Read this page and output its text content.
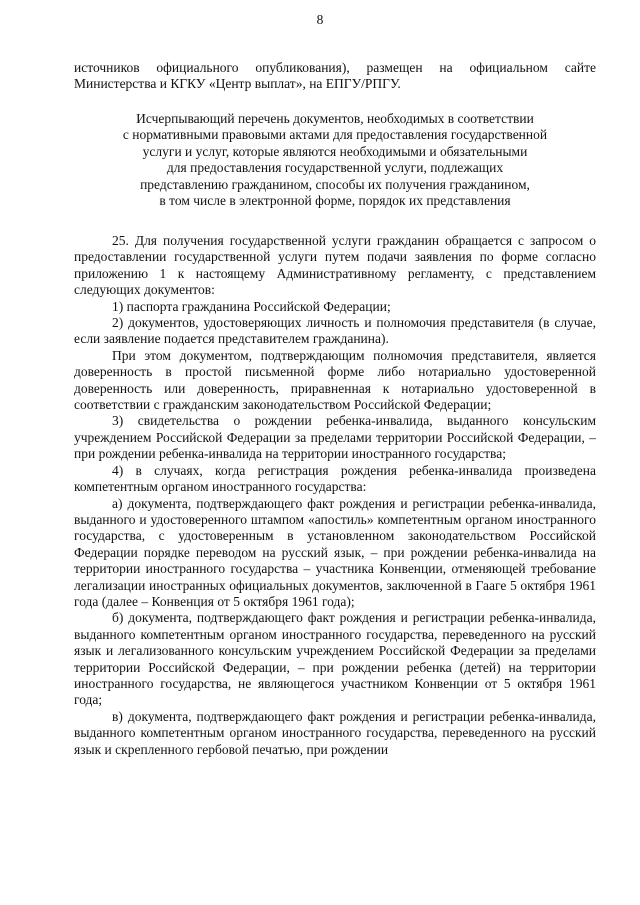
8

источников официального опубликования), размещен на официальном сайте Министерства и КГКУ «Центр выплат», на ЕПГУ/РПГУ.

Исчерпывающий перечень документов, необходимых в соответствии

с нормативными правовыми актами для предоставления государственной

услуги и услуг, которые являются необходимыми и обязательными

для предоставления государственной услуги, подлежащих

представлению гражданином, способы их получения гражданином,

в том числе в электронной форме, порядок их представления

25. Для получения государственной услуги гражданин обращается с запросом о предоставлении государственной услуги путем подачи заявления по форме согласно приложению 1 к настоящему Административному регламенту, с представлением следующих документов:

1) паспорта гражданина Российской Федерации;

2) документов, удостоверяющих личность и полномочия представителя (в случае, если заявление подается представителем гражданина).

При этом документом, подтверждающим полномочия представителя, является доверенность в простой письменной форме либо нотариально удостоверенной доверенность или доверенность, приравненная к нотариально удостоверенной в соответствии с гражданским законодательством Российской Федерации;

3) свидетельства о рождении ребенка-инвалида, выданного консульским учреждением Российской Федерации за пределами территории Российской Федерации, – при рождении ребенка-инвалида на территории иностранного государства;

4) в случаях, когда регистрация рождения ребенка-инвалида произведена компетентным органом иностранного государства:

а) документа, подтверждающего факт рождения и регистрации ребенка-инвалида, выданного и удостоверенного штампом «апостиль» компетентным органом иностранного государства, с удостоверенным в установленном законодательством Российской Федерации порядке переводом на русский язык, – при рождении ребенка-инвалида на территории иностранного государства – участника Конвенции, отменяющей требование легализации иностранных официальных документов, заключенной в Гааге 5 октября 1961 года (далее – Конвенция от 5 октября 1961 года);

б) документа, подтверждающего факт рождения и регистрации ребенка-инвалида, выданного компетентным органом иностранного государства, переведенного на русский язык и легализованного консульским учреждением Российской Федерации за пределами территории Российской Федерации, – при рождении ребенка (детей) на территории иностранного государства, не являющегося участником Конвенции от 5 октября 1961 года;

в) документа, подтверждающего факт рождения и регистрации ребенка-инвалида, выданного компетентным органом иностранного государства, переведенного на русский язык и скрепленного гербовой печатью, при рождении
